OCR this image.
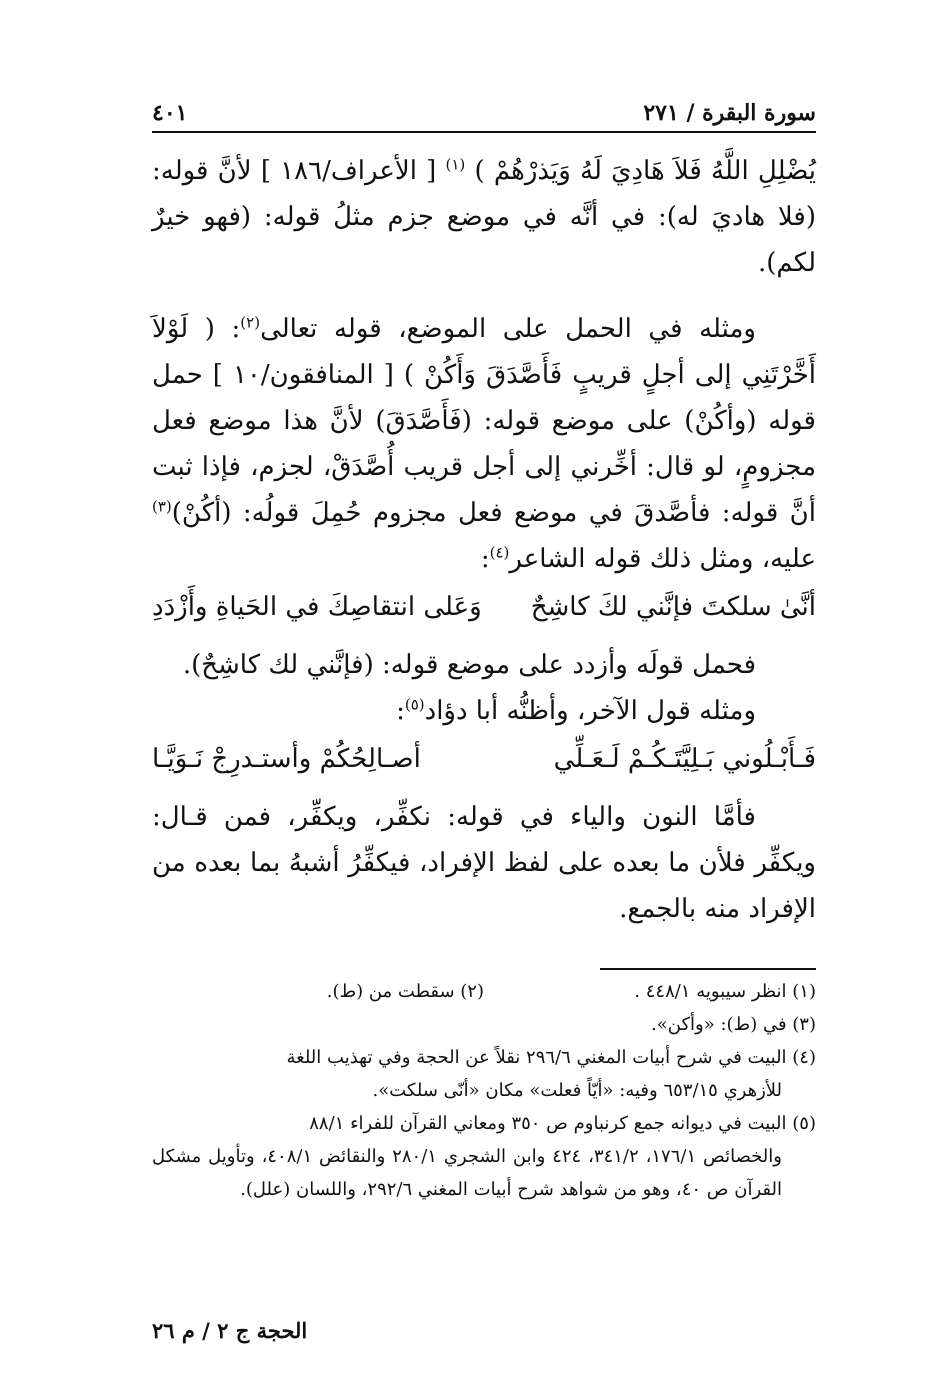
سورة البقرة / ٢٧١
٤٠١

يُضْلِلِ اللَّهُ فَلاَ هَادِيَ لَهُ وَيَذرْهُمْ ) $^{(١)}$ [ الأعراف/١٨٦ ] لأنَّ قوله: (فلا هاديَ له): في أنَّه في موضع جزم مثلُ قوله: (فهو خيرٌ لكم).

ومثله في الحمل على الموضع، قوله تعالى$^{(٢)}$: ( لَوْلاَ أَخَّرْتَنِي إلى أجلٍ قريبٍ فَأَصَّدَقَ وَأَكُنْ ) [ المنافقون/١٠ ] حمل قوله (وأكُنْ) على موضع قوله: (فَأَصَّدَقَ) لأنَّ هذا موضع فعل مجزومٍ، لو قال: أخِّرني إلى أجل قريب أُصَّدَقْ، لجزم، فإذا ثبت أنَّ قوله: فأصَّدقَ في موضع فعل مجزوم حُمِلَ قولُه: (أكُنْ)$^{(٣)}$ عليه، ومثل ذلك قوله الشاعر$^{(٤)}$:

أنَّىٰ سلكتَ فإنَّني لكَ كاشِحٌ
وَعَلى انتقاصِكَ في الحَياةِ وأَزْدَدِ

فحمل قولَه وأزدد على موضع قوله: (فإنَّني لك كاشِحٌ).

ومثله قول الآخر، وأظنُّه أبا دؤاد$^{(٥)}$:

فَـأَبْـلُوني بَـلِيَّتَـكُـمْ لَـعَـلِّي
أصـالِحُكُمْ وأستـدرِجْ نَـوَيَّـا

فأمَّا النون والياء في قوله: نكفِّر، ويكفِّر، فمن قـال: ويكفِّر فلأن ما بعده على لفظ الإفراد، فيكفِّرُ أشبهُ بما بعده من الإفراد منه بالجمع.

(١) انظر سيبويه ٤٤٨/١ .
(٢) سقطت من (ط).

(٣) في (ط): «وأكن».

(٤) البيت في شرح أبيات المغني ٢٩٦/٦ نقلاً عن الحجة وفي تهذيب اللغة
للأزهري ٦٥٣/١٥ وفيه: «أيّاً فعلت» مكان «أنّى سلكت».

(٥) البيت في ديوانه جمع كرنباوم ص ٣٥٠ ومعاني القرآن للفراء ٨٨/١
والخصائص ١٧٦/١، ٣٤١/٢، ٤٢٤ وابن الشجري ٢٨٠/١ والنقائض ٤٠٨/١، وتأويل مشكل القرآن ص ٤٠، وهو من شواهد شرح أبيات المغني ٢٩٢/٦، واللسان (علل).

الحجة ج ٢ / م ٢٦
